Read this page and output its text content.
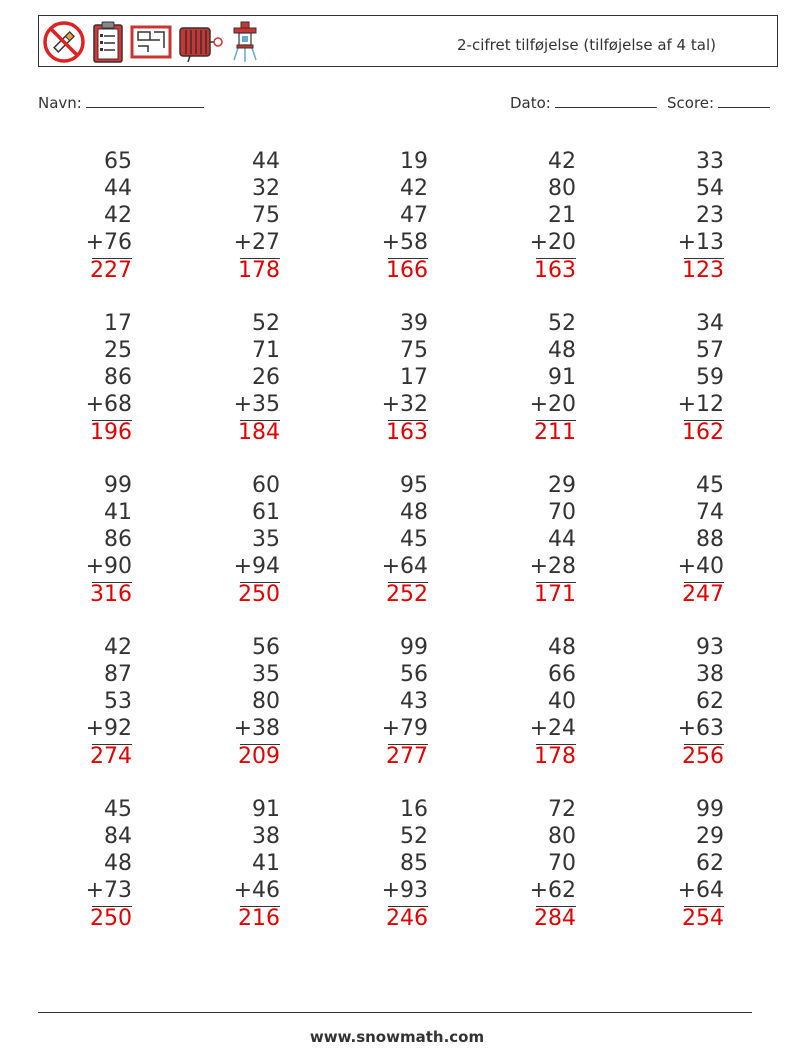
2-cifret tilføjelse (tilføjelse af 4 tal)
Navn:	Dato:	Score:
65
44
42
+76
227
44
32
75
+27
178
19
42
47
+58
166
42
80
21
+20
163
33
54
23
+13
123
17
25
86
+68
196
52
71
26
+35
184
39
75
17
+32
163
52
48
91
+20
211
34
57
59
+12
162
99
41
86
+90
316
60
61
35
+94
250
95
48
45
+64
252
29
70
44
+28
171
45
74
88
+40
247
42
87
53
+92
274
56
35
80
+38
209
99
56
43
+79
277
48
66
40
+24
178
93
38
62
+63
256
45
84
48
+73
250
91
38
41
+46
216
16
52
85
+93
246
72
80
70
+62
284
99
29
62
+64
254
www.snowmath.com
